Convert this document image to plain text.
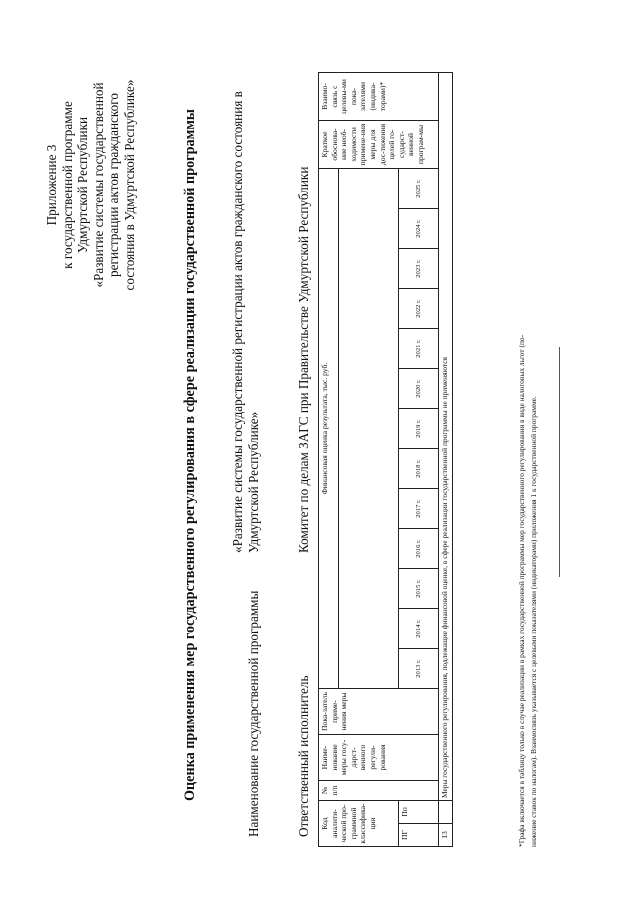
Приложение 3 к государственной программе Удмуртской Республики «Развитие системы государственной регистрации актов гражданского состояния в Удмуртской Республике»	Оценка применения мер государственного регулирования в сфере реализации государственной программы	Наименование государственной программы
«Развитие системы государственной регистрации актов гражданского состояния в Удмуртской Республике»
Ответственный исполнитель
Комитет по делам ЗАГС при Правительстве Удмуртской Республики
Код аналити-ческой про-граммной классифика-ции		№ п/п	Наиме-нование меры госу-дарст-венного регули-рования	Пока-затель приме-нения меры	Финансовая оценка результата, тыс. руб.													Краткое обоснова-ние необ-ходимости примене-ния меры для дос-тижения целей го-сударст-венной програм-мы	Взаимо-связь с целевы-ми пока-зателями (индика-торами)*

ПГ	Пп				2013 г.	2014 г.	2015 г.	2016 г.	2017 г.	2018 г.	2019 г.	2020 г.	2021 г.	2022 г.	2023 г.	2024 г.	2025 г.		
13		Меры государственного регулирования, подлежащие финансовой оценке, в сфере реализации государственной программы не применяются																		*Графа включается в таблицу только в случае реализации в рамках государственной программы мер государственного регулирования в виде налоговых льгот (по- нижение ставок по налогам). Взаимосвязь указывается с целевыми показателями (индикаторами) приложения 1 к государственной программе.
